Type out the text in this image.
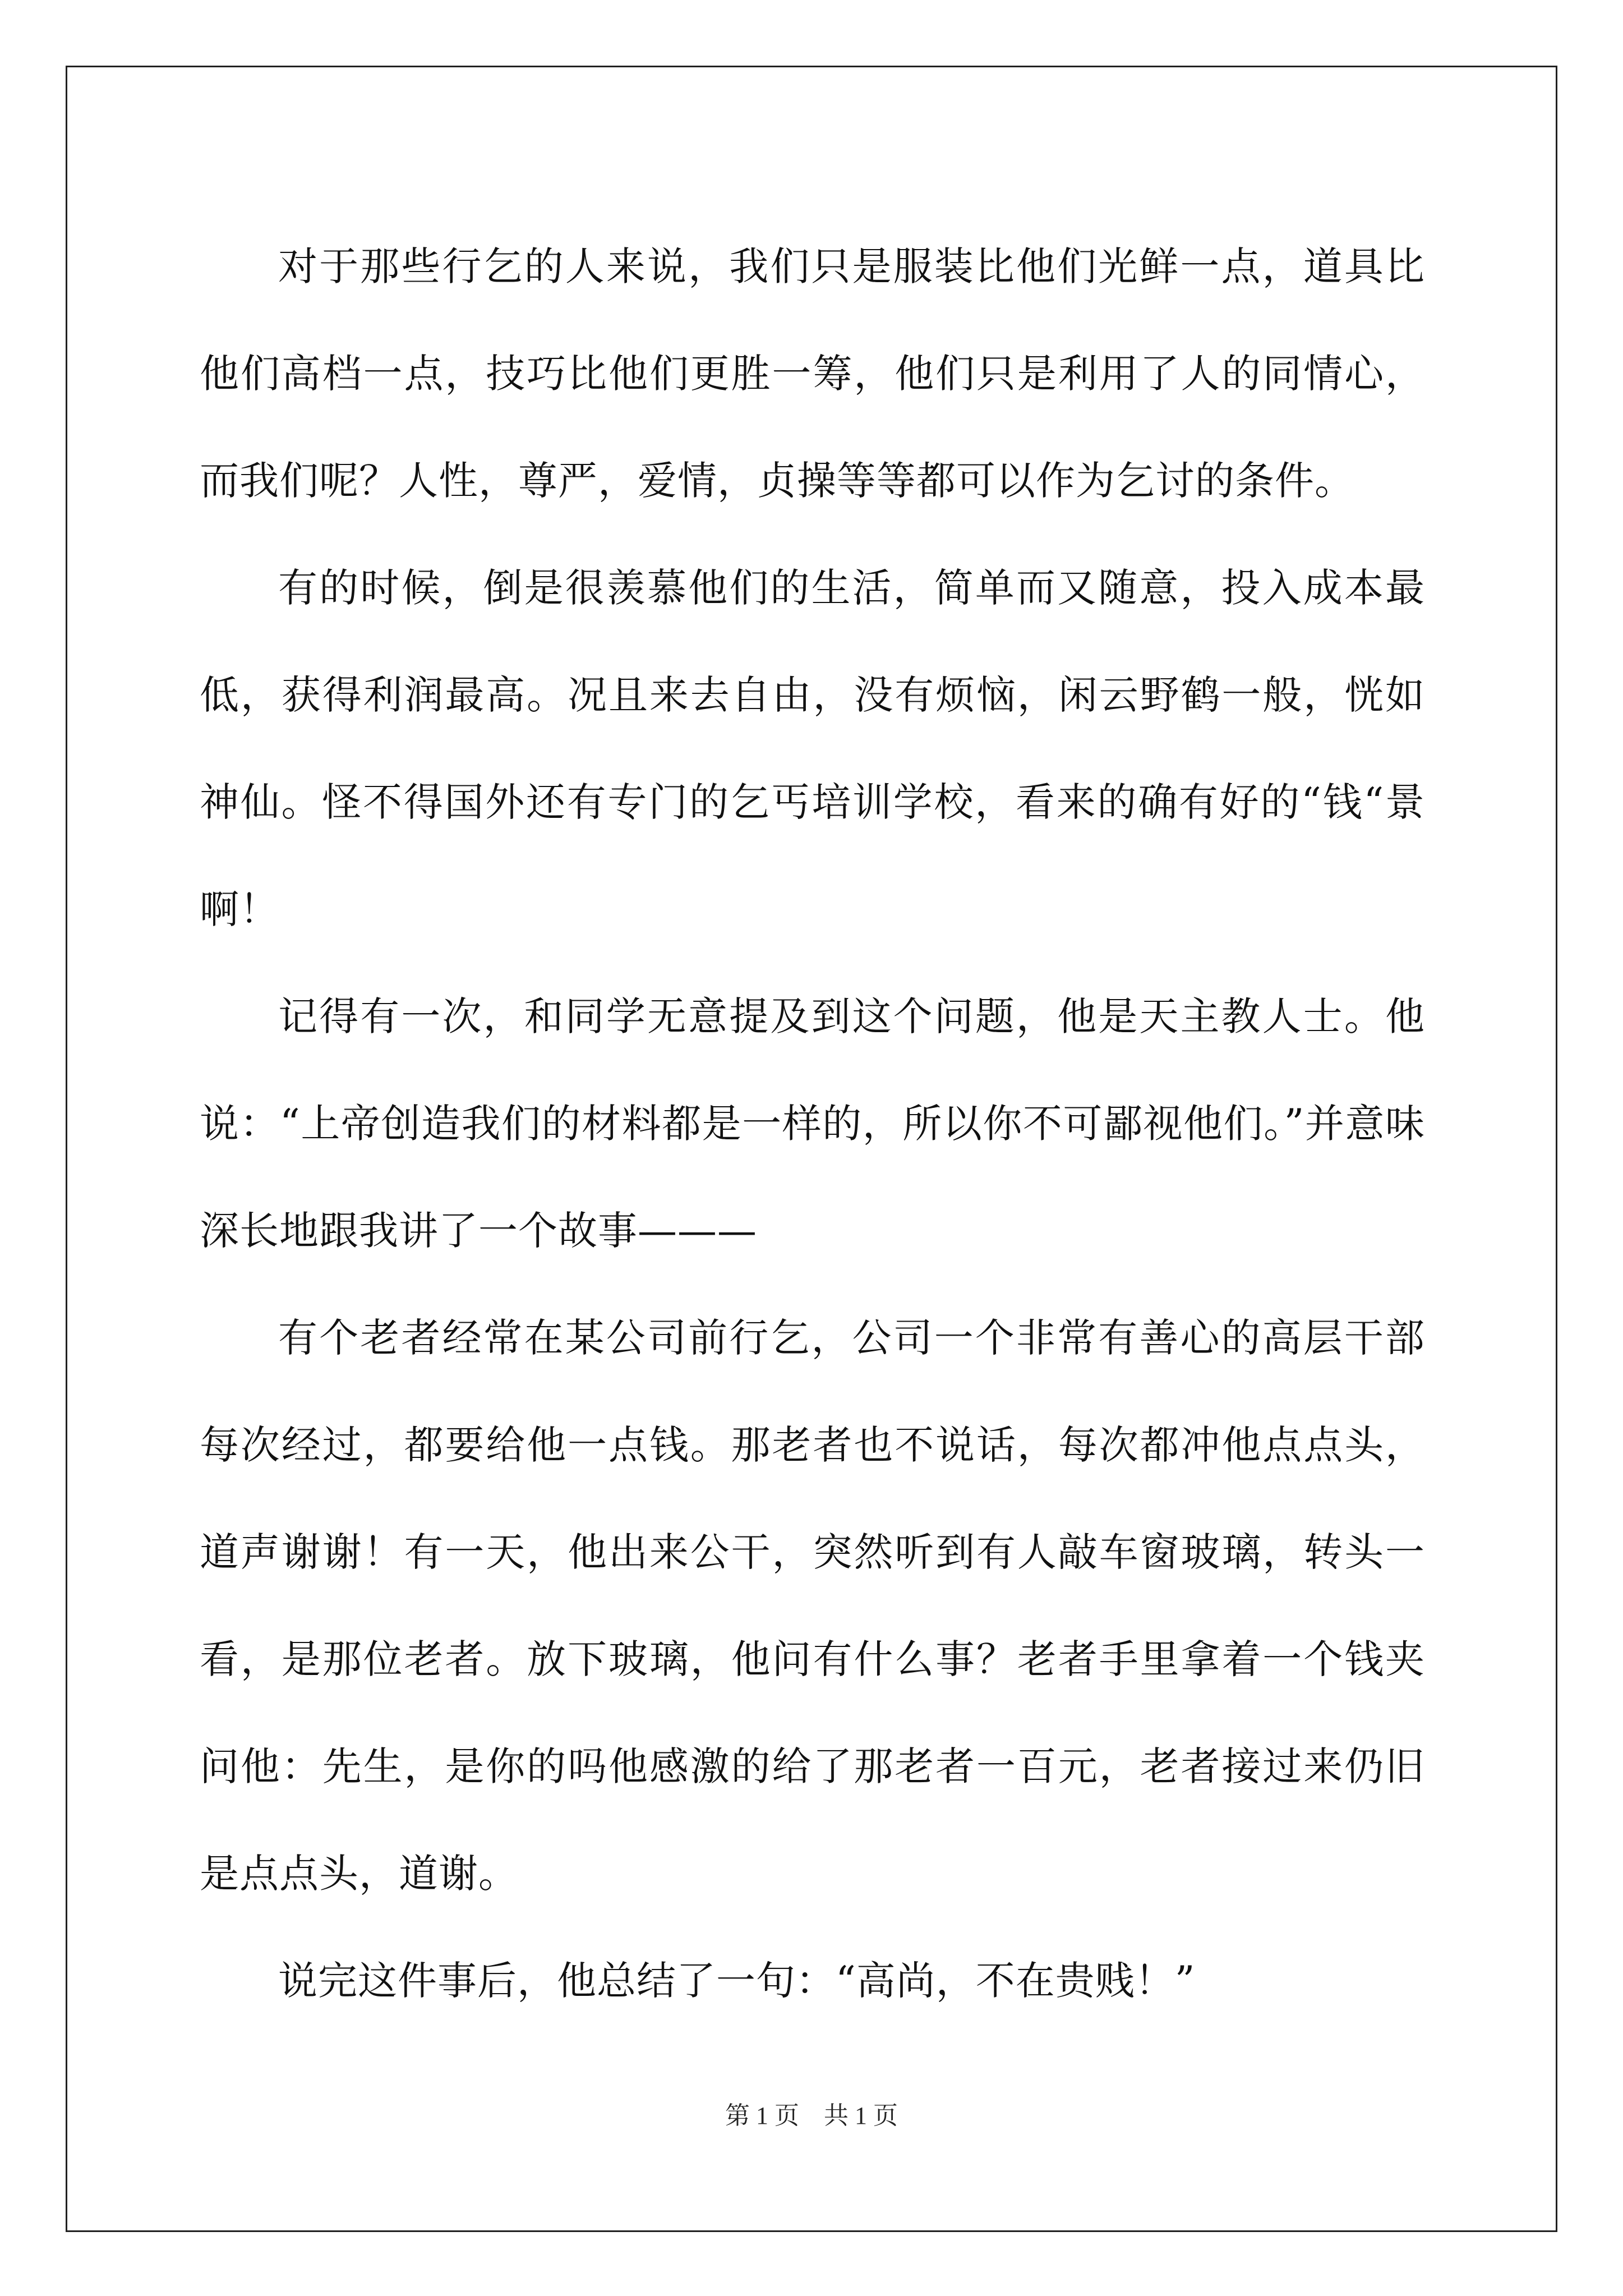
对于那些行乞的人来说，我们只是服装比他们光鲜一点，道具比他们高档一点，技巧比他们更胜一筹，他们只是利用了人的同情心，而我们呢？人性，尊严，爱情，贞操等等都可以作为乞讨的条件。

有的时候，倒是很羡慕他们的生活，简单而又随意，投入成本最低，获得利润最高。况且来去自由，没有烦恼，闲云野鹤一般，恍如神仙。怪不得国外还有专门的乞丐培训学校，看来的确有好的“钱“景啊！

记得有一次，和同学无意提及到这个问题，他是天主教人士。他说：“上帝创造我们的材料都是一样的，所以你不可鄙视他们。”并意味深长地跟我讲了一个故事———

有个老者经常在某公司前行乞，公司一个非常有善心的高层干部每次经过，都要给他一点钱。那老者也不说话，每次都冲他点点头，道声谢谢！有一天，他出来公干，突然听到有人敲车窗玻璃，转头一看，是那位老者。放下玻璃，他问有什么事？老者手里拿着一个钱夹问他：先生，是你的吗他感激的给了那老者一百元，老者接过来仍旧是点点头，道谢。

说完这件事后，他总结了一句：“高尚，不在贵贱！”

第 1 页　共 1 页
